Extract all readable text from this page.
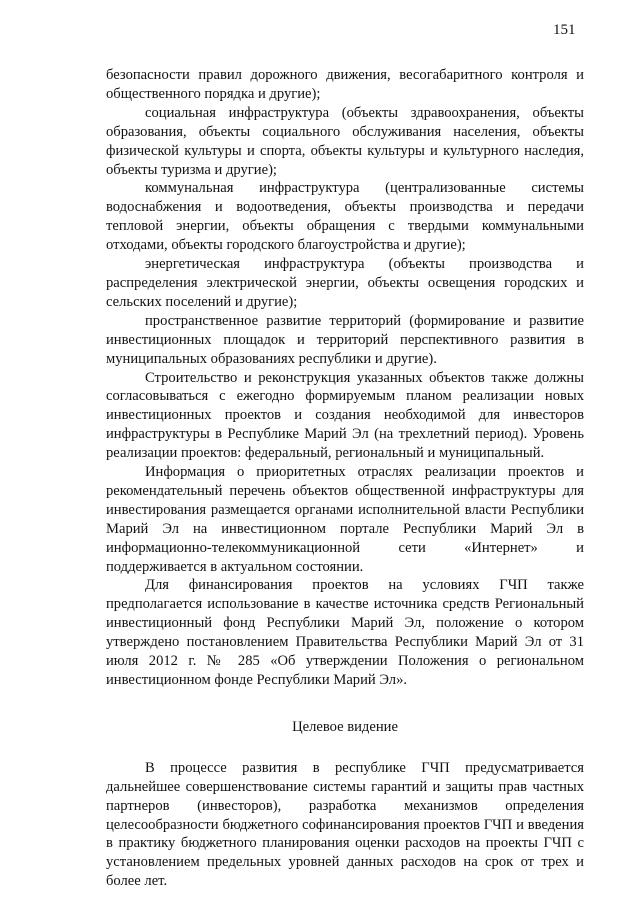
151

безопасности правил дорожного движения, весогабаритного контроля и общественного порядка и другие);

социальная инфраструктура (объекты здравоохранения, объекты образования, объекты социального обслуживания населения, объекты физической культуры и спорта, объекты культуры и культурного наследия, объекты туризма и другие);

коммунальная инфраструктура (централизованные системы водоснабжения и водоотведения, объекты производства и передачи тепловой энергии, объекты обращения с твердыми коммунальными отходами, объекты городского благоустройства и другие);

энергетическая инфраструктура (объекты производства и распределения электрической энергии, объекты освещения городских и сельских поселений и другие);

пространственное развитие территорий (формирование и развитие инвестиционных площадок и территорий перспективного развития в муниципальных образованиях республики и другие).

Строительство и реконструкция указанных объектов также должны согласовываться с ежегодно формируемым планом реализации новых инвестиционных проектов и создания необходимой для инвесторов инфраструктуры в Республике Марий Эл (на трехлетний период). Уровень реализации проектов: федеральный, региональный и муниципальный.

Информация о приоритетных отраслях реализации проектов и рекомендательный перечень объектов общественной инфраструктуры для инвестирования размещается органами исполнительной власти Республики Марий Эл на инвестиционном портале Республики Марий Эл в информационно-телекоммуникационной сети «Интернет» и поддерживается в актуальном состоянии.

Для финансирования проектов на условиях ГЧП также предполагается использование в качестве источника средств Региональный инвестиционный фонд Республики Марий Эл, положение о котором утверждено постановлением Правительства Республики Марий Эл от 31 июля 2012 г. № 285 «Об утверждении Положения о региональном инвестиционном фонде Республики Марий Эл».

Целевое видение

В процессе развития в республике ГЧП предусматривается дальнейшее совершенствование системы гарантий и защиты прав частных партнеров (инвесторов), разработка механизмов определения целесообразности бюджетного софинансирования проектов ГЧП и введения в практику бюджетного планирования оценки расходов на проекты ГЧП с установлением предельных уровней данных расходов на срок от трех и более лет.
